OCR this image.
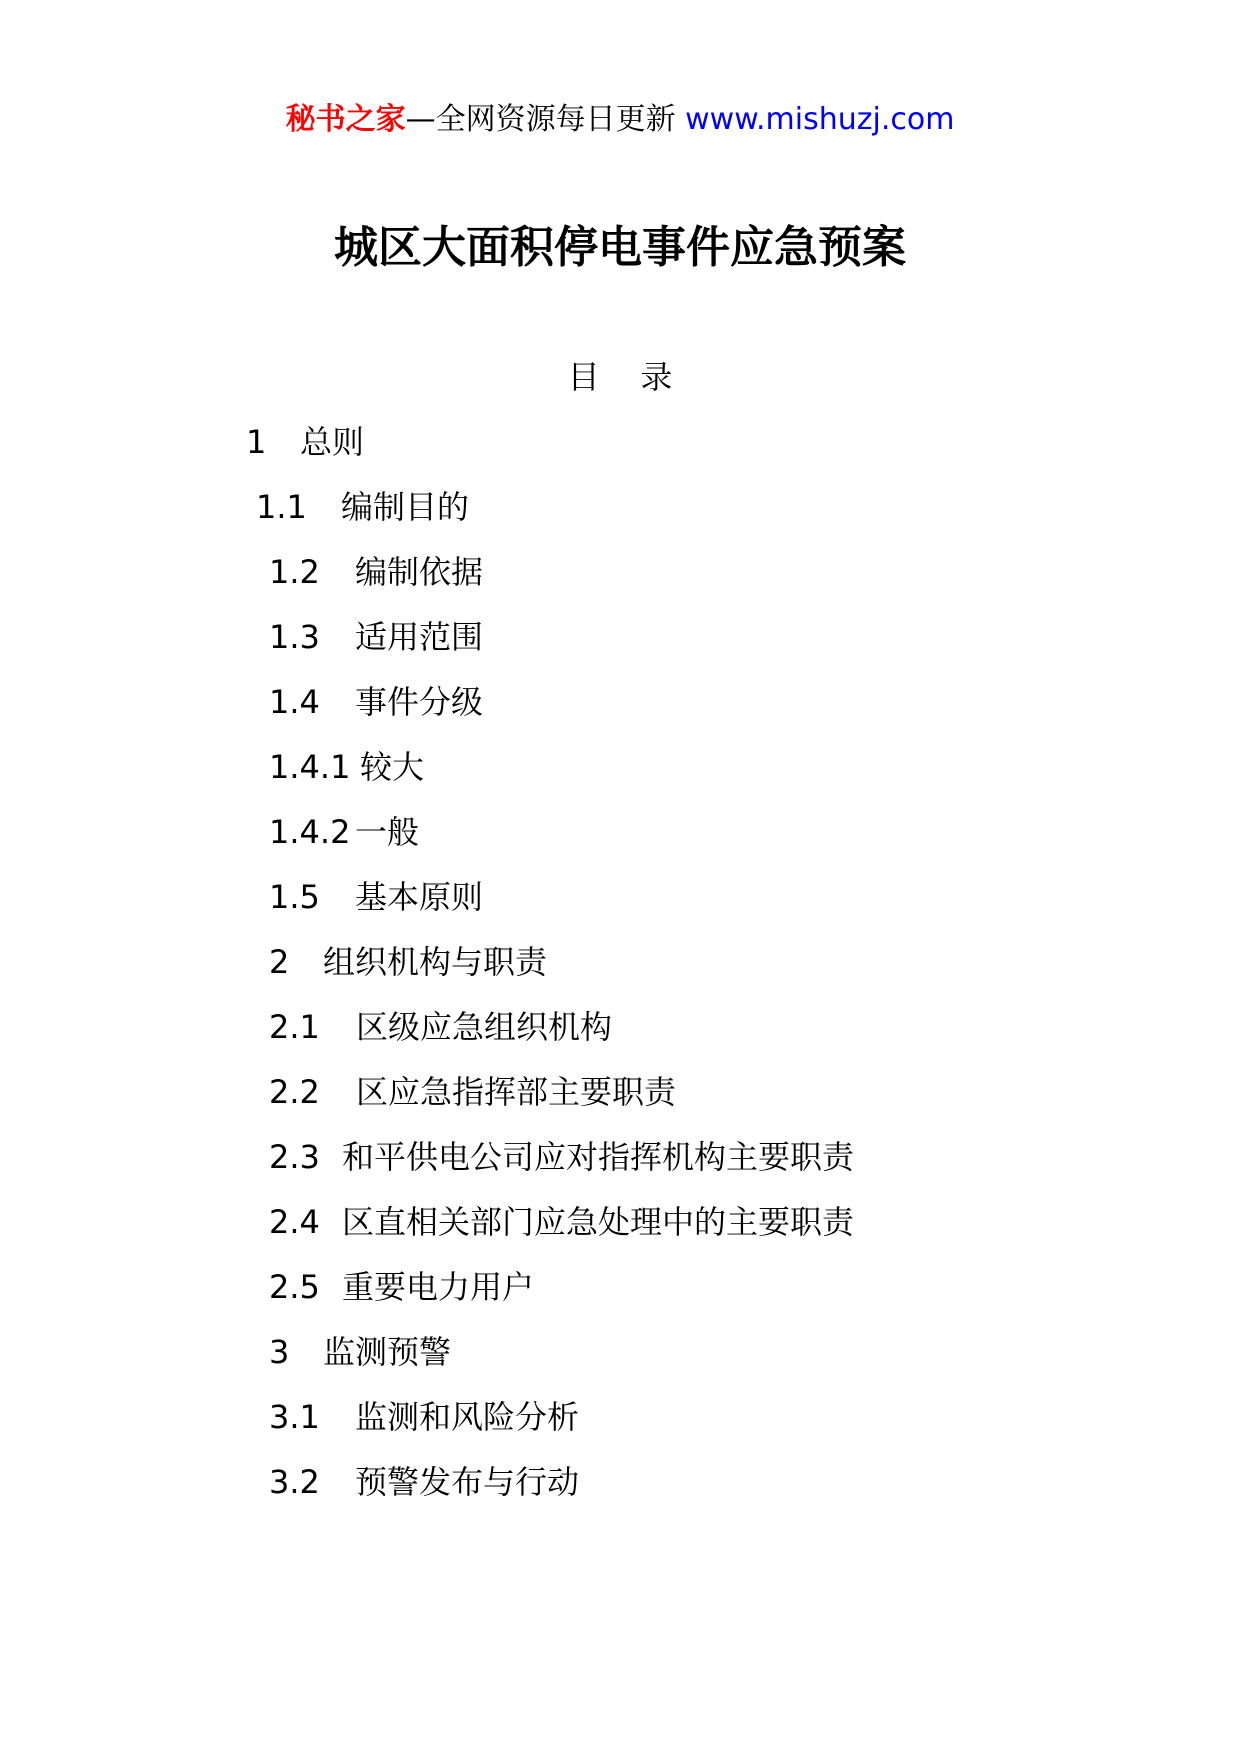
秘书之家—全网资源每日更新 www.mishuzj.com
城区大面积停电事件应急预案
目    录
1 总则
1.1 编制目的
1.2 编制依据
1.3 适用范围
1.4 事件分级
1.4.1 较大
1.4.2 一般
1.5 基本原则
2 组织机构与职责
2.1 区级应急组织机构
2.2 区应急指挥部主要职责
2.3 和平供电公司应对指挥机构主要职责
2.4 区直相关部门应急处理中的主要职责
2.5 重要电力用户
3 监测预警
3.1 监测和风险分析
3.2 预警发布与行动
